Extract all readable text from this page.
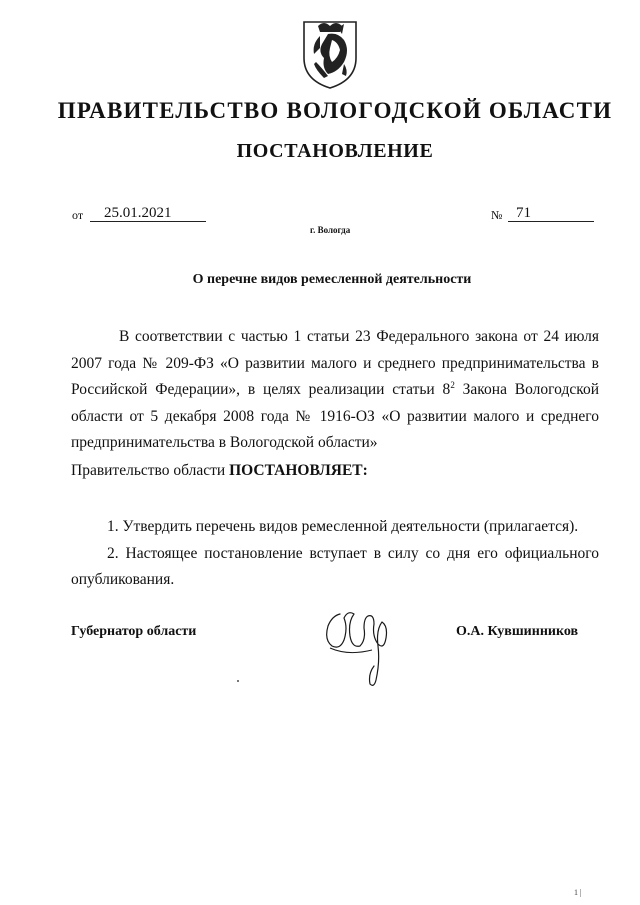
ПРАВИТЕЛЬСТВО ВОЛОГОДСКОЙ ОБЛАСТИ
ПОСТАНОВЛЕНИЕ
от	25.01.2021	№ 71
г. Вологда
О перечне видов ремесленной деятельности
В соответствии с частью 1 статьи 23 Федерального закона от 24 июля 2007 года № 209-ФЗ «О развитии малого и среднего предпринимательства в Российской Федерации», в целях реализации статьи $8^2$ Закона Вологодской области от 5 декабря 2008 года № 1916-ОЗ «О развитии малого и среднего предпринимательства в Вологодской области»
Правительство области ПОСТАНОВЛЯЕТ:

1. Утвердить перечень видов ремесленной деятельности (прилагается).

2. Настоящее постановление вступает в силу со дня его официального опубликования.

Губернатор области	О.А. Кувшинников
1 |
